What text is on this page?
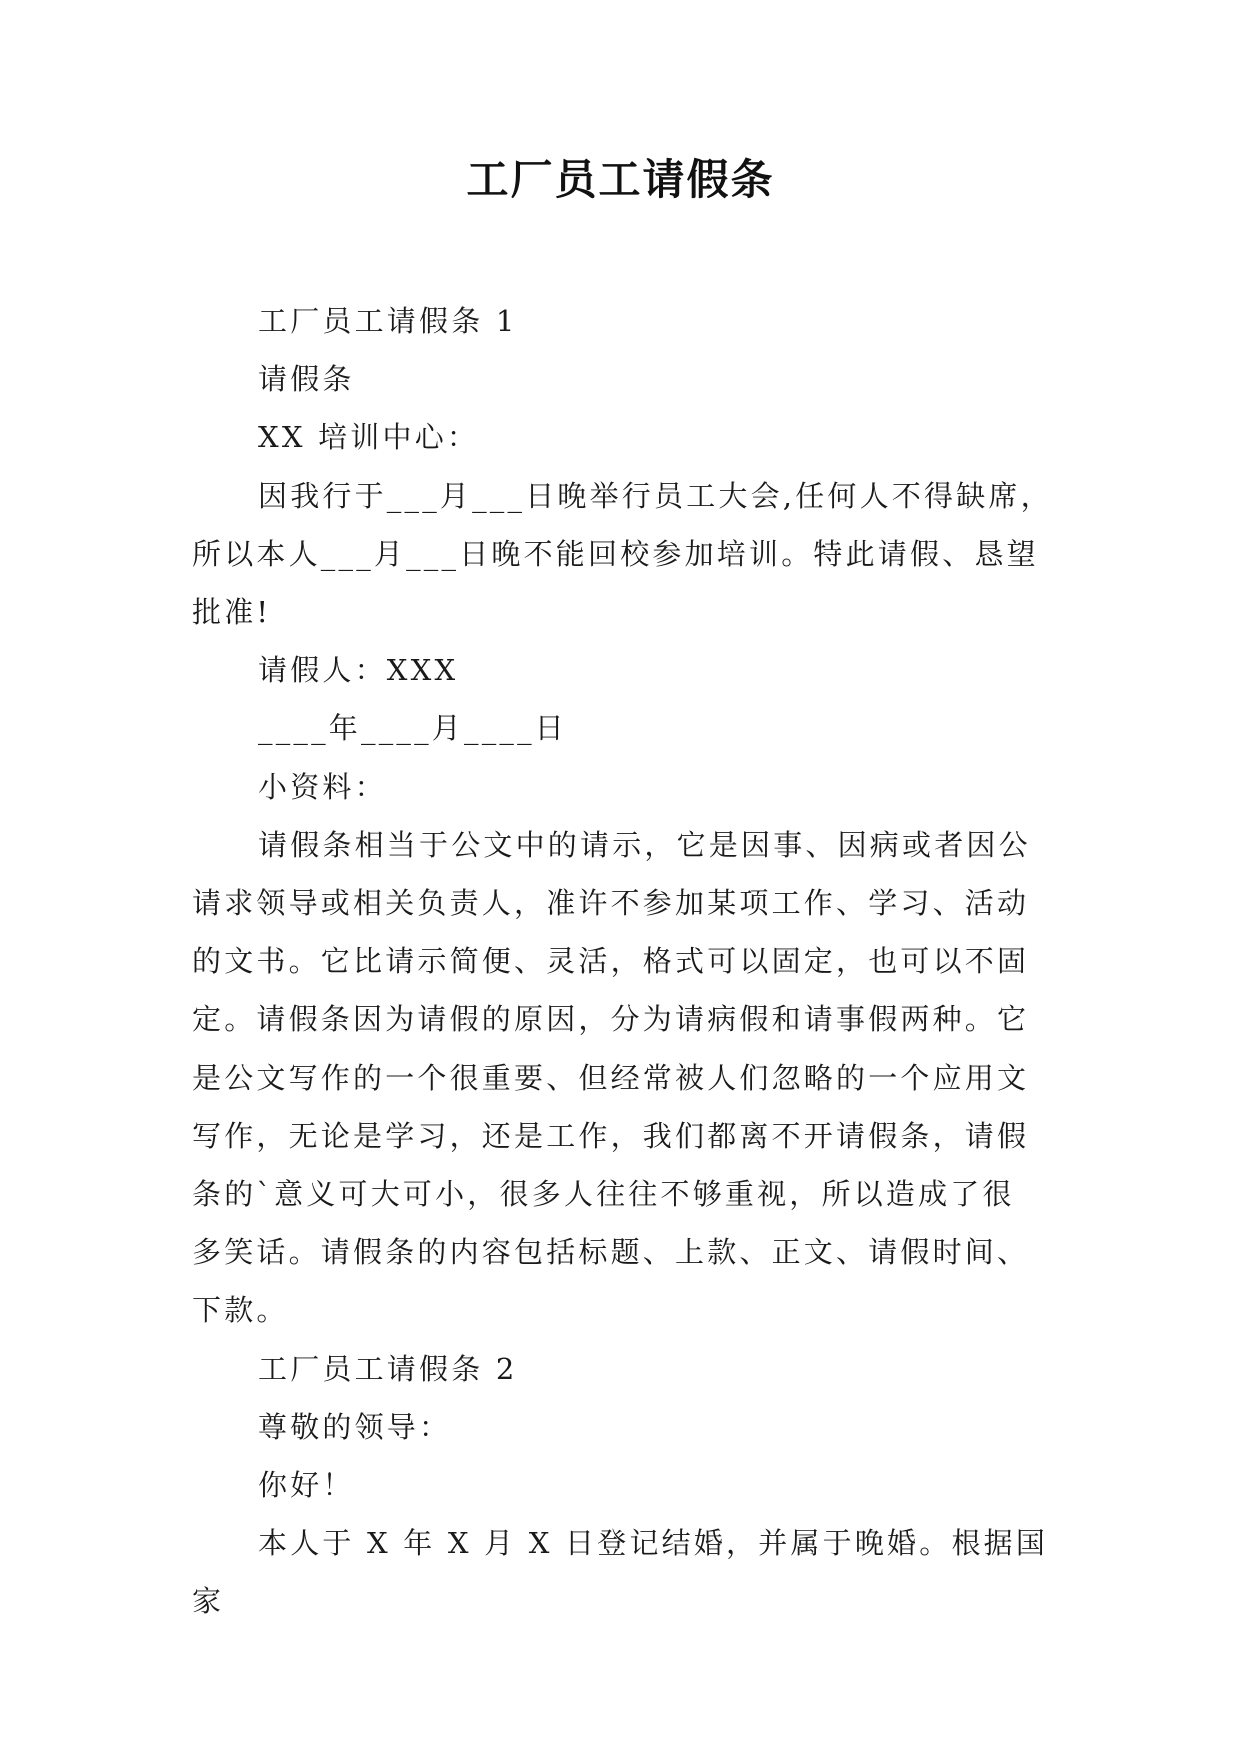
工厂员工请假条

工厂员工请假条 1

请假条

XX 培训中心：

因我行于___月___日晚举行员工大会,任何人不得缺席，
所以本人___月___日晚不能回校参加培训。特此请假、恳望
批准!

请假人：XXX

____年____月____日

小资料：

请假条相当于公文中的请示，它是因事、因病或者因公
请求领导或相关负责人，准许不参加某项工作、学习、活动
的文书。它比请示简便、灵活，格式可以固定，也可以不固
定。请假条因为请假的原因，分为请病假和请事假两种。它
是公文写作的一个很重要、但经常被人们忽略的一个应用文
写作，无论是学习，还是工作，我们都离不开请假条，请假
条的`意义可大可小，很多人往往不够重视，所以造成了很
多笑话。请假条的内容包括标题、上款、正文、请假时间、
下款。

工厂员工请假条 2

尊敬的领导：

你好！

本人于 X 年 X 月 X 日登记结婚，并属于晚婚。根据国家
